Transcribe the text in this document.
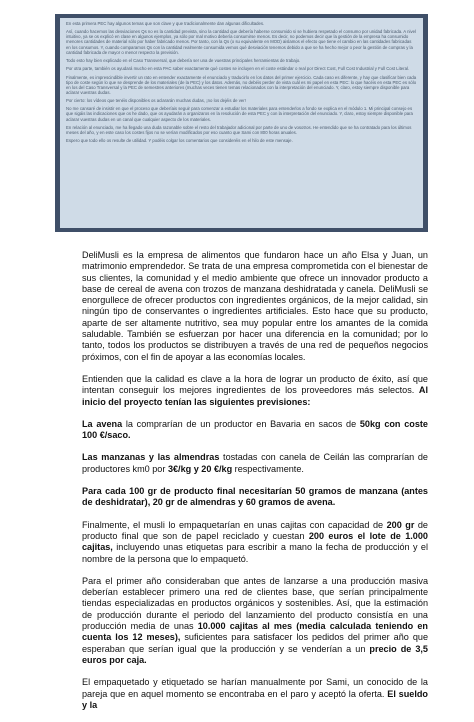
En esta primera PEC hay algunos temas que son clave y que tradicionalmente dan algunas dificultades.

Así, cuando hacemos las desviaciones Qs no es la cantidad prevista, sino la cantidad que debería haberse consumido si se hubiera respetado el consumo por unidad fabricada. A nivel intuitivo, ya se os explicó en clase en algunos ejemplos, ya sólo por mal motivo debería consumirse menos. Es decir, no podemos decir que la gestión de la empresa ha consumido menores cantidades de material sólo por haber fabricado menos. Por tanto, con la Qs (o su equivalente en MOD) aislamos el efecto que tiene el cambio en las cantidades fabricadas en los consumos. Y, cuando comparamos Qs con la cantidad realmente consumida vemos qué desviación tenemos debido a que se ha hecho mejor o peor la gestión de compras y la cantidad fabricada de mayor o menor respecto la previsión.

Todo esto hay bien explicado en el Caso Transversal, que debería ser una de vuestras principales herramientas de trabajo.

Por otra parte, también os ayudará mucho en esta PAC saber exactamente qué costes se incluyen en el coste estándar o real por Direct Cost, Full Cost Industrial y Full Cost Literal.

Finalmente, es imprescindible invertir un rato en entender exactamente el enunciado y traducirlo en los datos del primer ejercicio. Cada caso es diferente, y hay que clasificar bien cada tipo de coste según lo que se desprende de los materiales (de la PEC) y los datos. Además, no debéis perder de vista cuál es mi papel en esta PEC: lo que hacéis en esta PEC es sólo en los del Caso Transversal y la PEC de semestres anteriores (muchas veces tienen temas relacionados con la interpretación del enunciado. Y, claro, estoy siempre disponible para aclarar vuestras dudas.

Por cierto: los vídeos que tenéis disponibles os aclararán muchas dudas, ¡no los dejéis de ver!

No me cansaré de insistir en que el proceso que deberíais seguir para comenzar a estudiar los materiales para entenderlos a fondo se explica en el módulo 1. Mi principal consejo es que sigáis las indicaciones que os he dado, que os ayudarán a organizaros en la resolución de esta PEC y con la interpretación del enunciado. Y, claro, estoy siempre disponible para aclarar vuestras dudas en un canal que cualquier aspecto de los materiales.

En relación al enunciado, me ha llegado una duda razonable sobre el resto del trabajador adicional por parte de uno de vosotros. He entendido que se ha contratado para los últimos meses del año, y en este caso los costes fijos no se verían modificados por eso cuanto que Sami con 800 horas anuales.

Espero que todo ello os resulte de utilidad. Y podéis colgar los comentarios que consideréis en el hilo de este mensaje.

DeliMusli es la empresa de alimentos que fundaron hace un año Elsa y Juan, un matrimonio emprendedor. Se trata de una empresa comprometida con el bienestar de sus clientes, la comunidad y el medio ambiente que ofrece un innovador producto a base de cereal de avena con trozos de manzana deshidratada y canela. DeliMusli se enorgullece de ofrecer productos con ingredientes orgánicos, de la mejor calidad, sin ningún tipo de conservantes o ingredientes artificiales. Esto hace que su producto, aparte de ser altamente nutritivo, sea muy popular entre los amantes de la comida saludable. También se esfuerzan por hacer una diferencia en la comunidad; por lo tanto, todos los productos se distribuyen a través de una red de pequeños negocios próximos, con el fin de apoyar a las economías locales.

Entienden que la calidad es clave a la hora de lograr un producto de éxito, así que intentan conseguir los mejores ingredientes de los proveedores más selectos. Al inicio del proyecto tenían las siguientes previsiones:

La avena la comprarían de un productor en Bavaria en sacos de 50kg con coste 100 €/saco.

Las manzanas y las almendras tostadas con canela de Ceilán las comprarían de productores km0 por 3€/kg y 20 €/kg respectivamente.

Para cada 100 gr de producto final necesitarían 50 gramos de manzana (antes de deshidratar), 20 gr de almendras y 60 gramos de avena.

Finalmente, el musli lo empaquetarían en unas cajitas con capacidad de 200 gr de producto final que son de papel reciclado y cuestan 200 euros el lote de 1.000 cajitas, incluyendo unas etiquetas para escribir a mano la fecha de producción y el nombre de la persona que lo empaquetó.

Para el primer año consideraban que antes de lanzarse a una producción masiva deberían establecer primero una red de clientes base, que serían principalmente tiendas especializadas en productos orgánicos y sostenibles. Así, que la estimación de producción durante el periodo del lanzamiento del producto consistía en una producción media de unas 10.000 cajitas al mes (media calculada teniendo en cuenta los 12 meses), suficientes para satisfacer los pedidos del primer año que esperaban que serían igual que la producción y se venderían a un precio de 3,5 euros por caja.

El empaquetado y etiquetado se harían manualmente por Sami, un conocido de la pareja que en aquel momento se encontraba en el paro y aceptó la oferta. El sueldo y la
